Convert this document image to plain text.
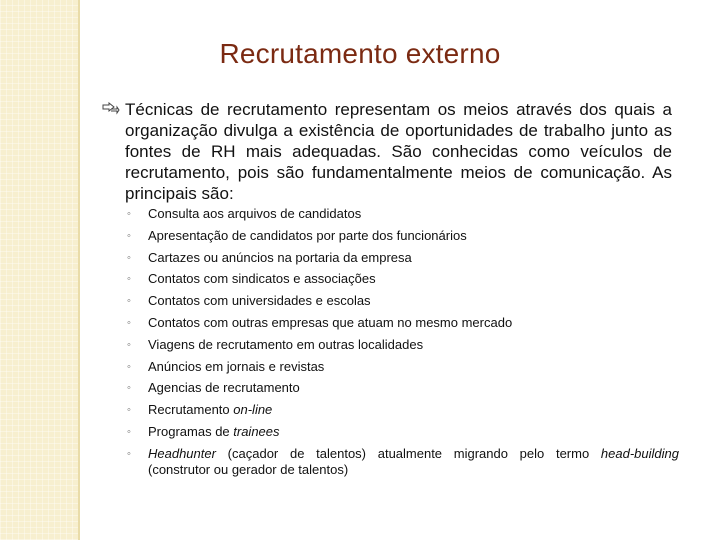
Recrutamento externo
Técnicas de recrutamento representam os meios através dos quais a organização divulga a existência de oportunidades de trabalho junto as fontes de RH mais adequadas. São conhecidas como veículos de recrutamento, pois são fundamentalmente meios de comunicação. As principais são:
◦ Consulta aos arquivos de candidatos
◦ Apresentação de candidatos por parte dos funcionários
◦ Cartazes ou anúncios na portaria da empresa
◦ Contatos com sindicatos e associações
◦ Contatos com universidades e escolas
◦ Contatos com outras empresas que atuam no mesmo mercado
◦ Viagens de recrutamento em outras localidades
◦ Anúncios em jornais e revistas
◦ Agencias de recrutamento
◦ Recrutamento on-line
◦ Programas de trainees
◦ Headhunter (caçador de talentos) atualmente migrando pelo termo head-building (construtor ou gerador de talentos)
